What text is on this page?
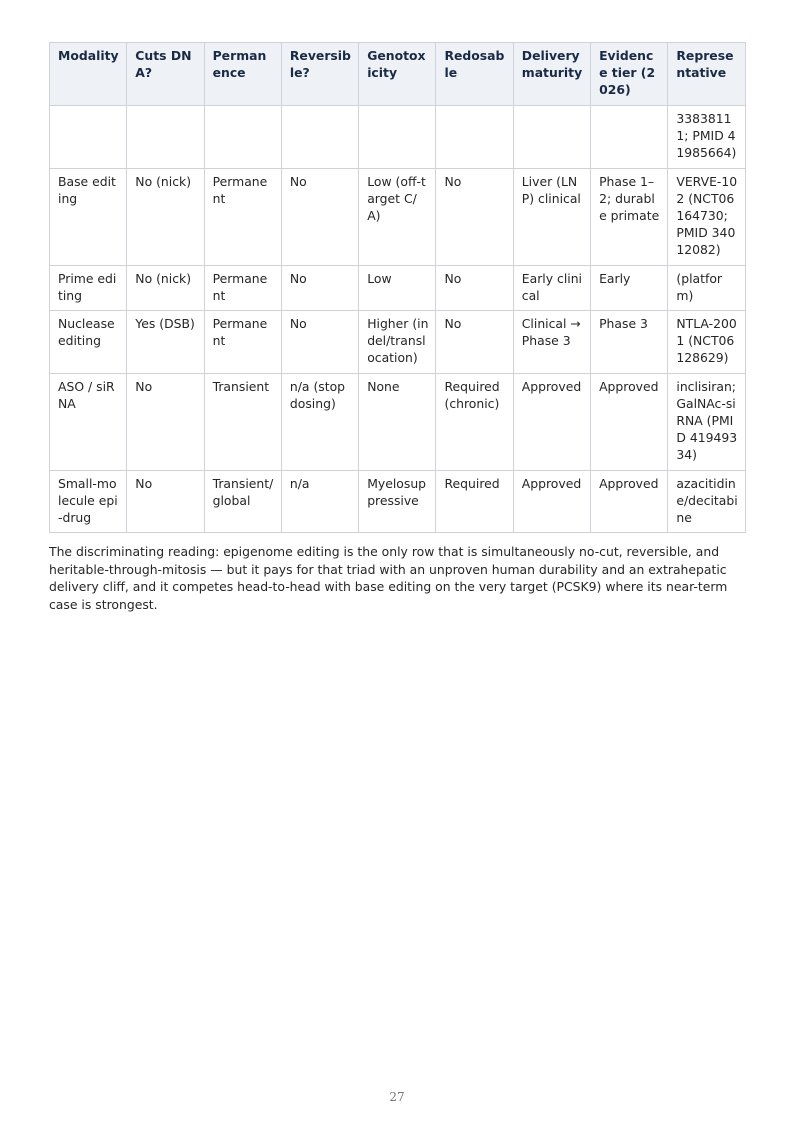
Modality	Cuts DNA?	Permanence	Reversible?	Genotoxicity	Redosable	Delivery maturity	Evidence tier (2026)	Representative
								33838111; PMID 41985664)
Base editing	No (nick)	Permanent	No	Low (off-target C/A)	No	Liver (LNP) clinical	Phase 1–2; durable primate	VERVE-102 (NCT06164730; PMID 34012082)
Prime editing	No (nick)	Permanent	No	Low	No	Early clinical	Early	(platform)
Nuclease editing	Yes (DSB)	Permanent	No	Higher (indel/translocation)	No	Clinical → Phase 3	Phase 3	NTLA-2001 (NCT06128629)
ASO / siRNA	No	Transient	n/a (stop dosing)	None	Required (chronic)	Approved	Approved	inclisiran; GalNAc-siRNA (PMID 41949334)
Small-molecule epi-drug	No	Transient/global	n/a	Myelosuppressive	Required	Approved	Approved	azacitidine/decitabine

The discriminating reading: epigenome editing is the only row that is simultaneously no-cut, reversible, and heritable-through-mitosis — but it pays for that triad with an unproven human durability and an extrahepatic delivery cliff, and it competes head-to-head with base editing on the very target (PCSK9) where its near-term case is strongest.

27
